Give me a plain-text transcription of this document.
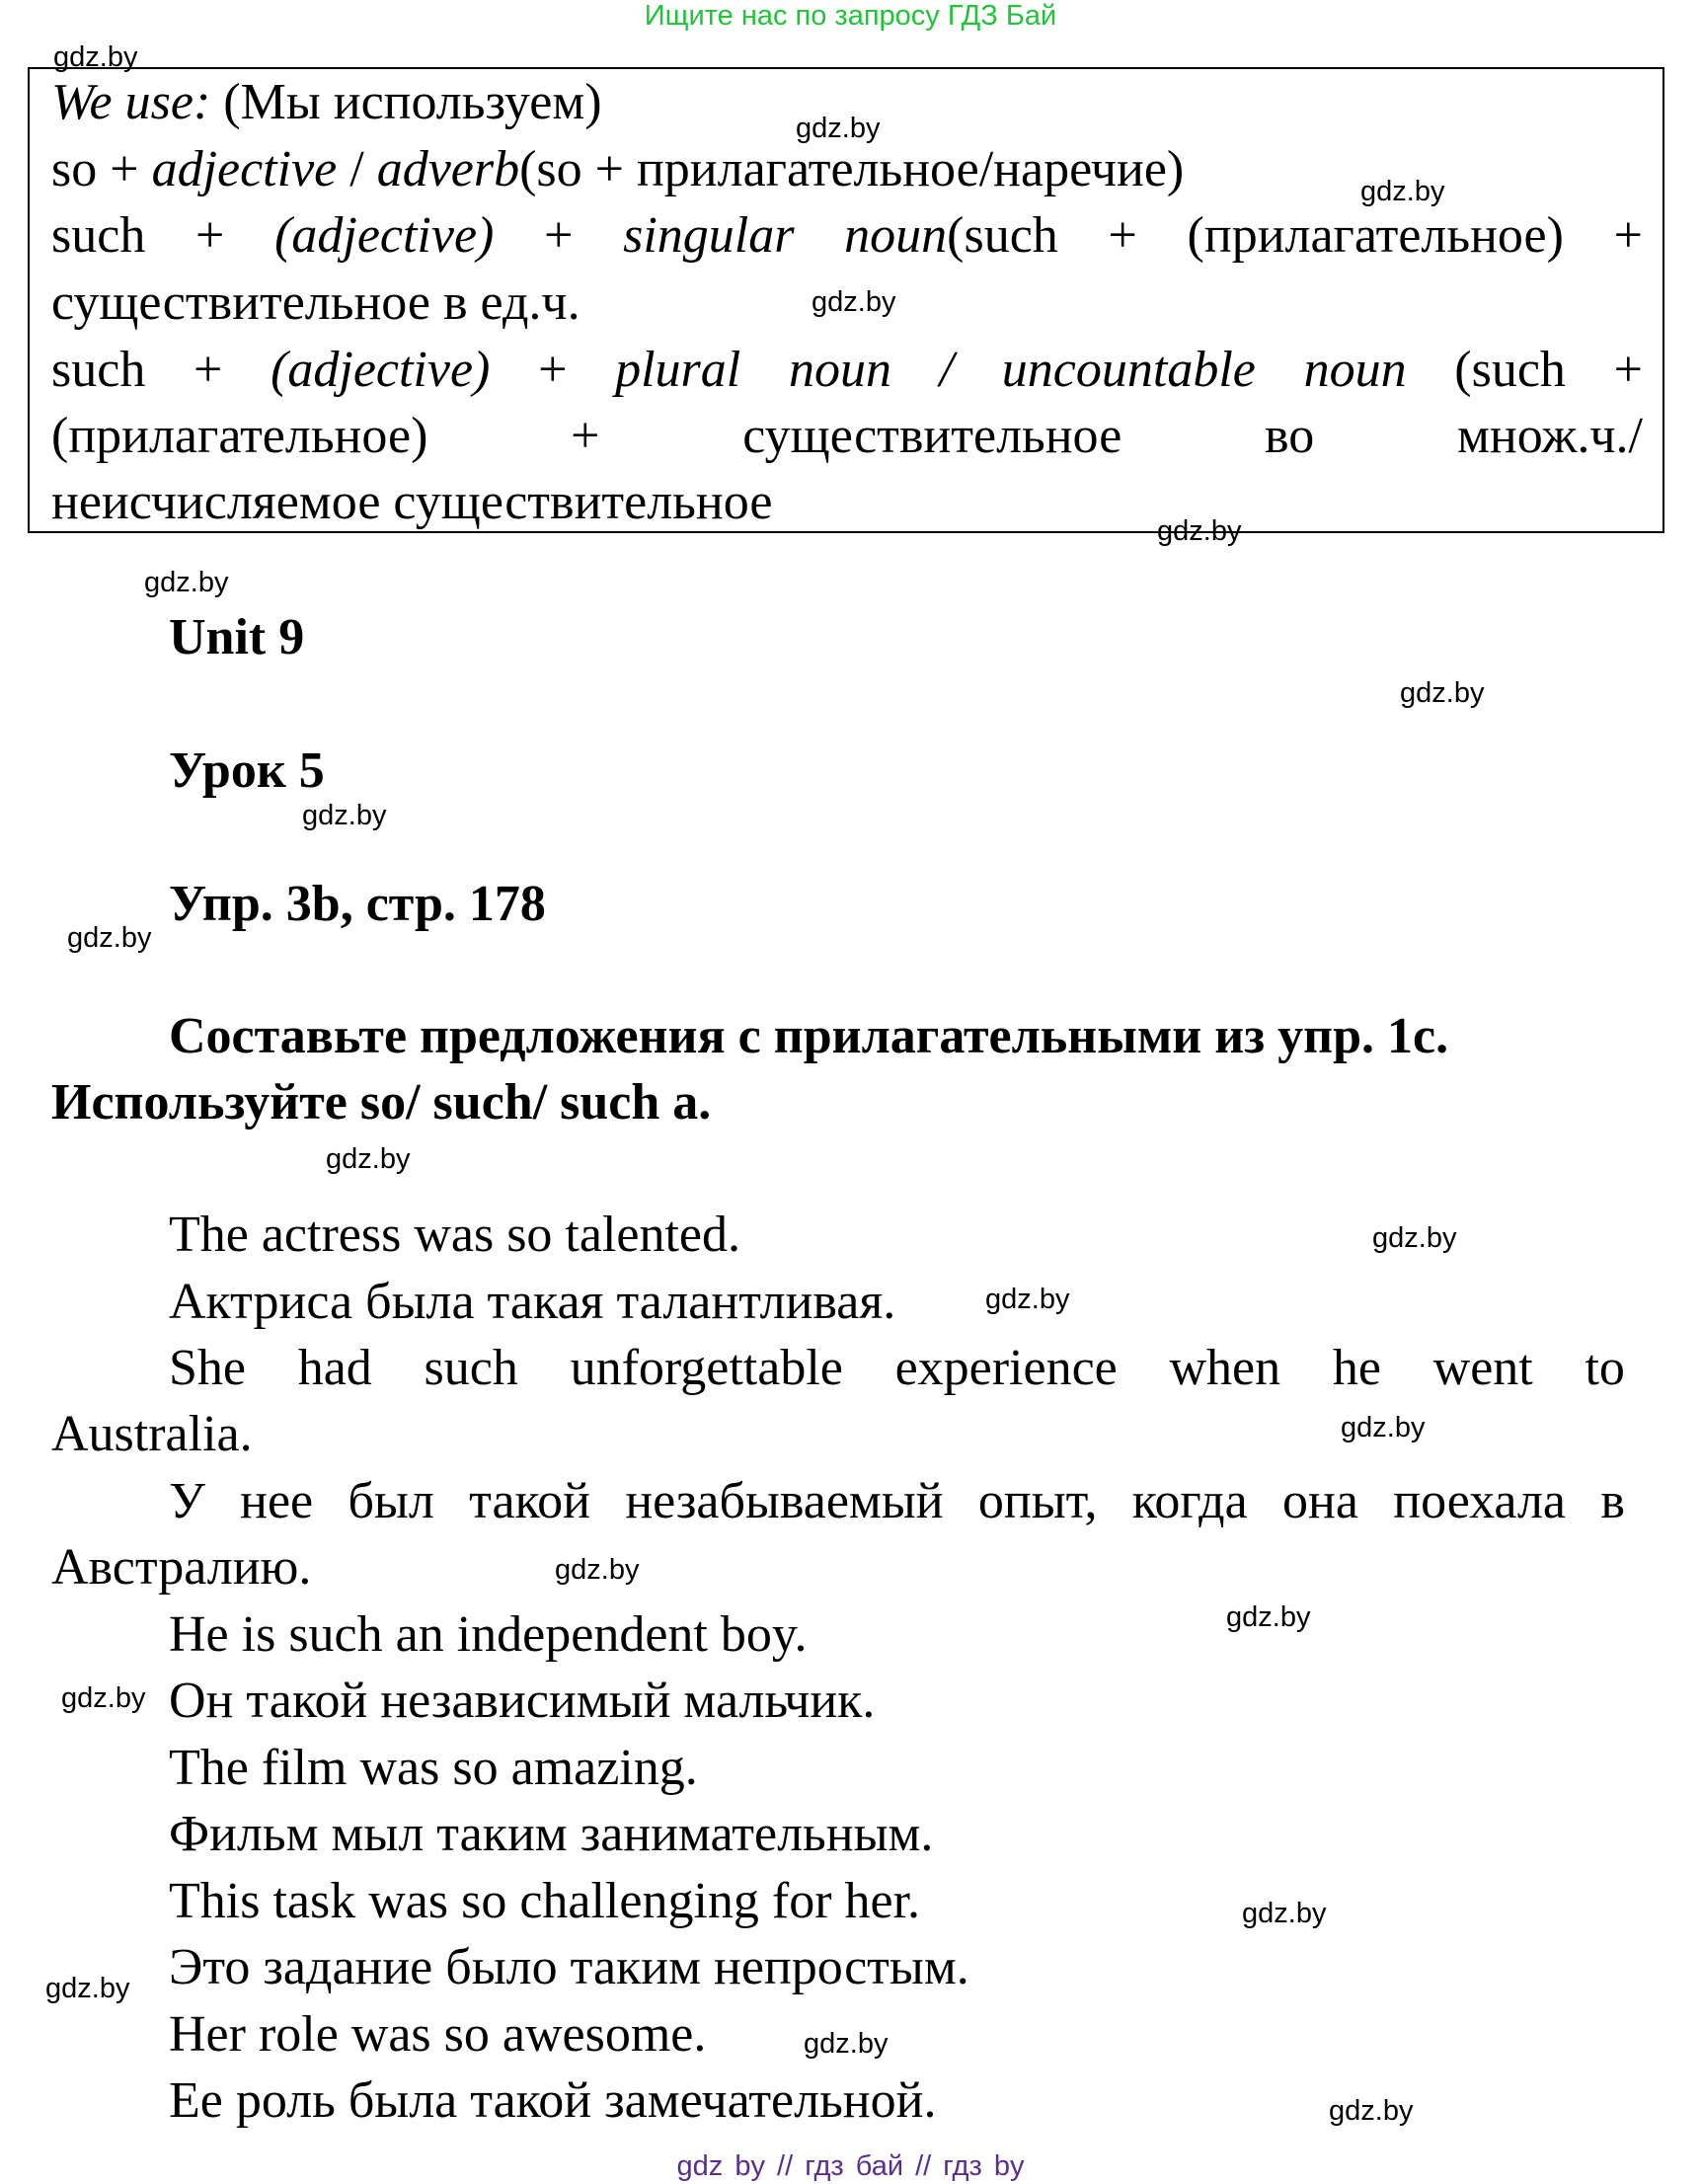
Ищите нас по запросу ГДЗ Бай
We use: (Мы используем)
so + adjective / adverb(so + прилагательное/наречие)
such + (adjective) + singular noun(such + (прилагательное) +
существительное в ед.ч.
such + (adjective) + plural noun / uncountable noun (such +
(прилагательное)	+	существительное	во	множ.ч./
неисчисляемое существительное
Unit 9
Урок 5
Упр. 3b, стр. 178
Составьте предложения с прилагательными из упр. 1с.
Используйте so/ such/ such a.
The actress was so talented.
Актриса была такая талантливая.
She had such unforgettable experience when he went to
Australia.
У нее был такой незабываемый опыт, когда она поехала в
Австралию.
He is such an independent boy.
Он такой независимый мальчик.
The film was so amazing.
Фильм мыл таким занимательным.
This task was so challenging for her.
Это задание было таким непростым.
Her role was so awesome.
Ее роль была такой замечательной.
gdz.by
gdz.by
gdz.by
gdz.by
gdz.by
gdz.by
gdz.by
gdz.by
gdz.by
gdz.by
gdz.by
gdz.by
gdz.by
gdz.by
gdz.by
gdz.by
gdz.by
gdz.by
gdz.by
gdz.by
gdz by // гдз бай // гдз by
